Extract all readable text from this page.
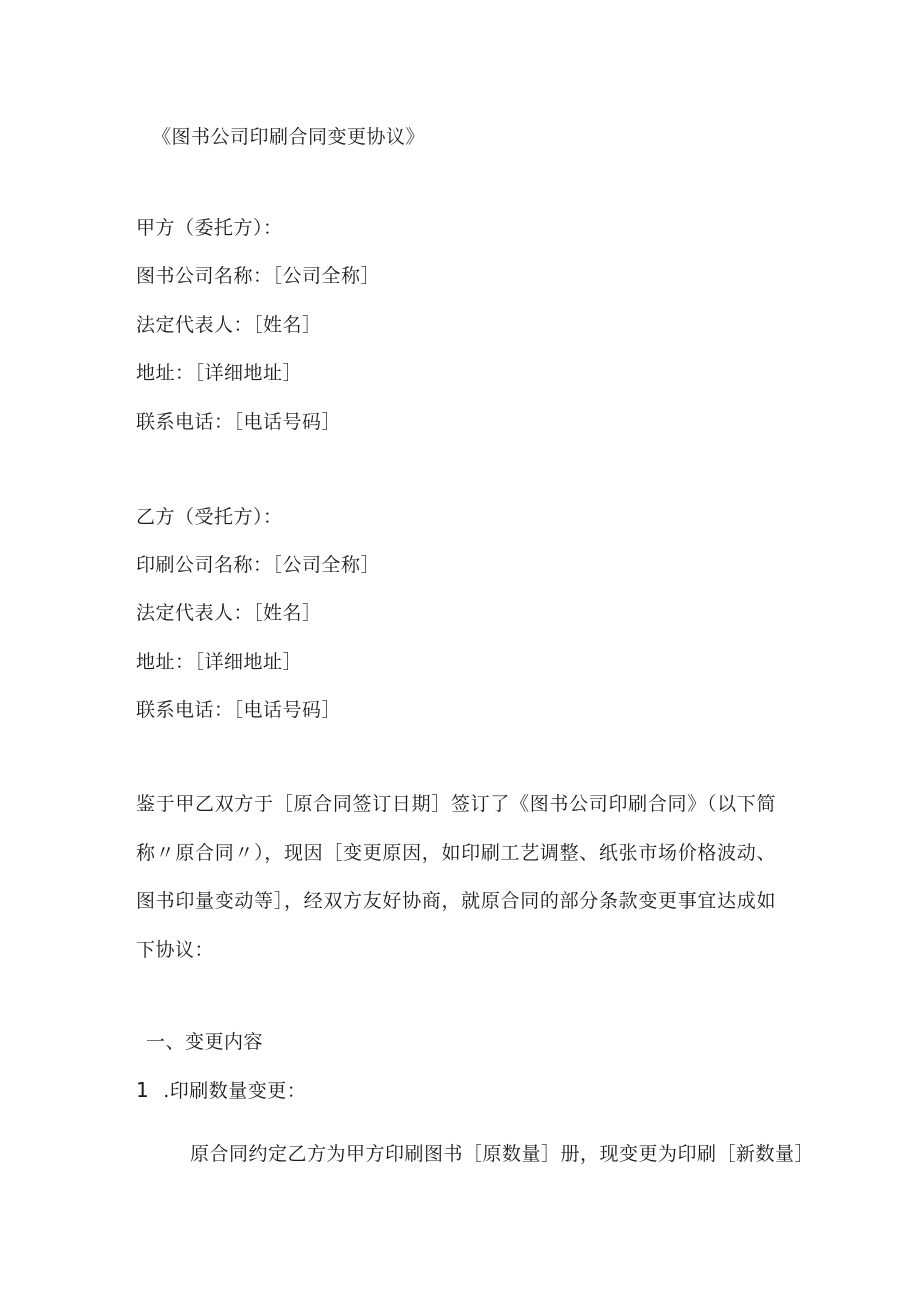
《图书公司印刷合同变更协议》
甲方（委托方）：
图书公司名称：［公司全称］
法定代表人：［姓名］
地址：［详细地址］
联系电话：［电话号码］
乙方（受托方）：
印刷公司名称：［公司全称］
法定代表人：［姓名］
地址：［详细地址］
联系电话：［电话号码］
鉴于甲乙双方于［原合同签订日期］签订了《图书公司印刷合同》（以下简称〃原合同〃），现因［变更原因，如印刷工艺调整、纸张市场价格波动、图书印量变动等］，经双方友好协商，就原合同的部分条款变更事宜达成如下协议：
一、变更内容
1 .印刷数量变更：
原合同约定乙方为甲方印刷图书［原数量］册，现变更为印刷［新数量］
